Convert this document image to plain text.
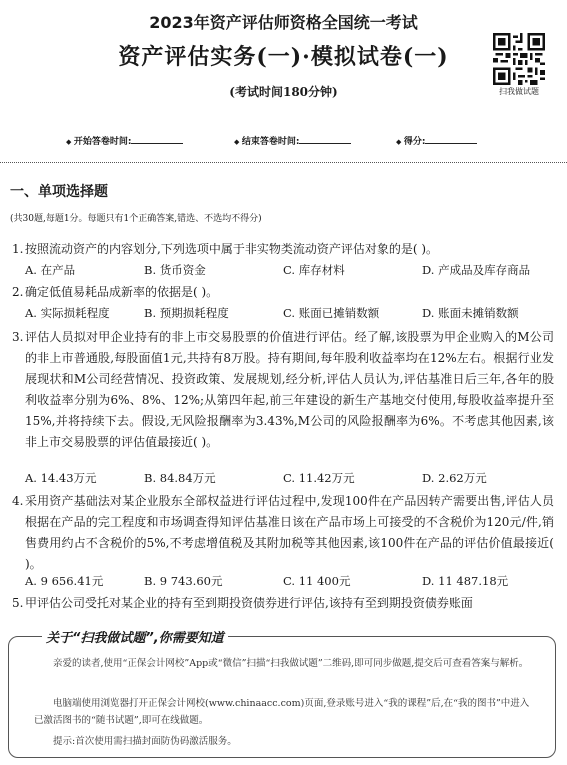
2023年资产评估师资格全国统一考试
资产评估实务(一)·模拟试卷(一)
(考试时间180分钟)	扫我做试题
◆ 开始答卷时间:	◆ 结束答卷时间:	◆ 得分:
一、单项选择题
(共30题,每题1分。每题只有1个正确答案,错选、不选均不得分)
1. 按照流动资产的内容划分,下列选项中属于非实物类流动资产评估对象的是( )。
A. 在产品	B. 货币资金	C. 库存材料	D. 产成品及库存商品
2. 确定低值易耗品成新率的依据是( )。
A. 实际损耗程度	B. 预期损耗程度	C. 账面已摊销数额	D. 账面未摊销数额
3. 评估人员拟对甲企业持有的非上市交易股票的价值进行评估。经了解,该股票为甲企业购入的M公司的非上市普通股,每股面值1元,共持有8万股。持有期间,每年股利收益率均在12%左右。根据行业发展现状和M公司经营情况、投资政策、发展规划,经分析,评估人员认为,评估基准日后三年,各年的股利收益率分别为6%、8%、12%;从第四年起,前三年建设的新生产基地交付使用,每股收益率提升至15%,并将持续下去。假设,无风险报酬率为3.43%,M公司的风险报酬率为6%。不考虑其他因素,该非上市交易股票的评估值最接近( )。
A. 14.43万元	B. 84.84万元	C. 11.42万元	D. 2.62万元
4. 采用资产基础法对某企业股东全部权益进行评估过程中,发现100件在产品因转产需要出售,评估人员根据在产品的完工程度和市场调查得知评估基准日该在产品市场上可接受的不含税价为120元/件,销售费用约占不含税价的5%,不考虑增值税及其附加税等其他因素,该100件在产品的评估价值最接近( )。
A. 9 656.41元	B. 9 743.60元	C. 11 400元	D. 11 487.18元
5. 甲评估公司受托对某企业的持有至到期投资债券进行评估,该持有至到期投资债券账面
关于“扫我做试题”,你需要知道
亲爱的读者,使用“正保会计网校”App或“微信”扫描“扫我做试题”二维码,即可同步做题,提交后可查看答案与解析。
电脑端使用浏览器打开正保会计网校(www.chinaacc.com)页面,登录账号进入“我的课程”后,在“我的图书”中进入已激活图书的“随书试题”,即可在线做题。
提示:首次使用需扫描封面防伪码激活服务。
